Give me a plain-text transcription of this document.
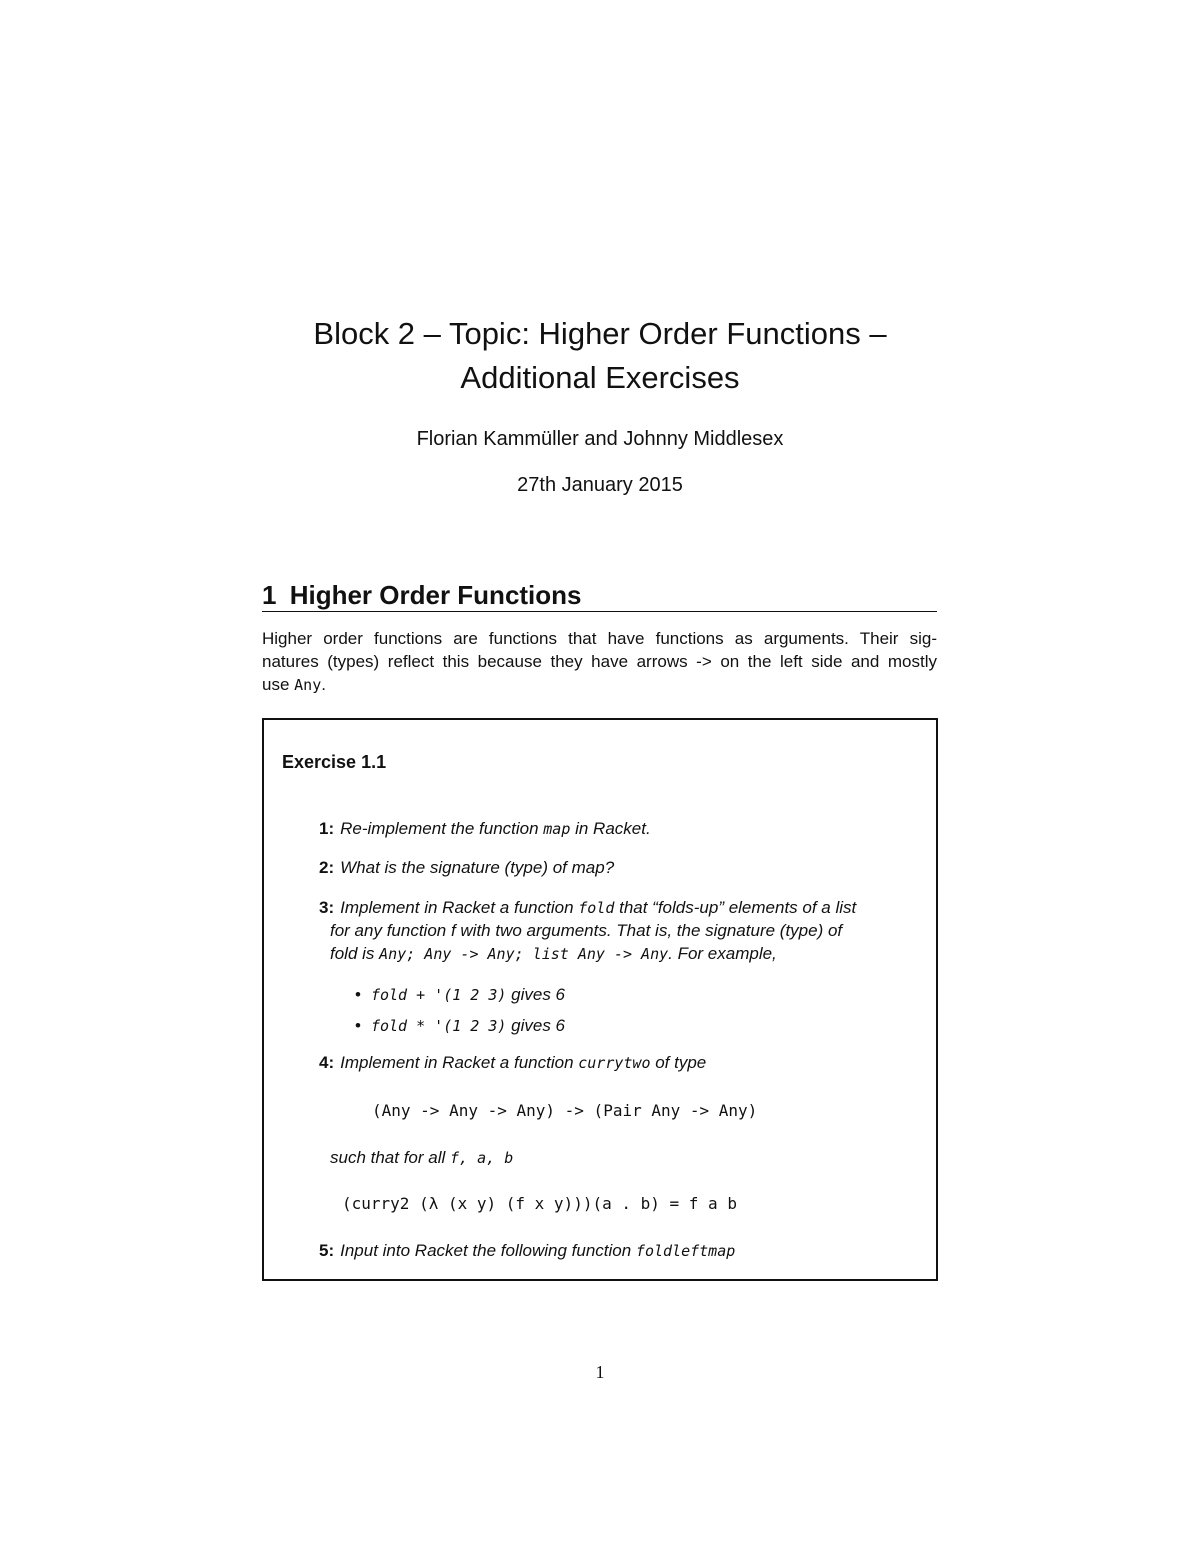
Block 2 – Topic: Higher Order Functions –
Additional Exercises
Florian Kammüller and Johnny Middlesex
27th January 2015
1 Higher Order Functions

Higher order functions are functions that have functions as arguments. Their sig-
natures (types) reflect this because they have arrows -> on the left side and mostly
use Any.

Exercise 1.1
1: Re-implement the function map in Racket.
2: What is the signature (type) of map?
3: Implement in Racket a function fold that “folds-up” elements of a list
for any function f with two arguments. That is, the signature (type) of
fold is Any; Any -> Any; list Any -> Any. For example,
• fold + '(1 2 3) gives 6
• fold * '(1 2 3) gives 6
4: Implement in Racket a function currytwo of type
(Any -> Any -> Any) -> (Pair Any -> Any)
such that for all f, a, b
(curry2 (λ (x y) (f x y)))(a . b) = f a b
5: Input into Racket the following function foldleftmap
1
